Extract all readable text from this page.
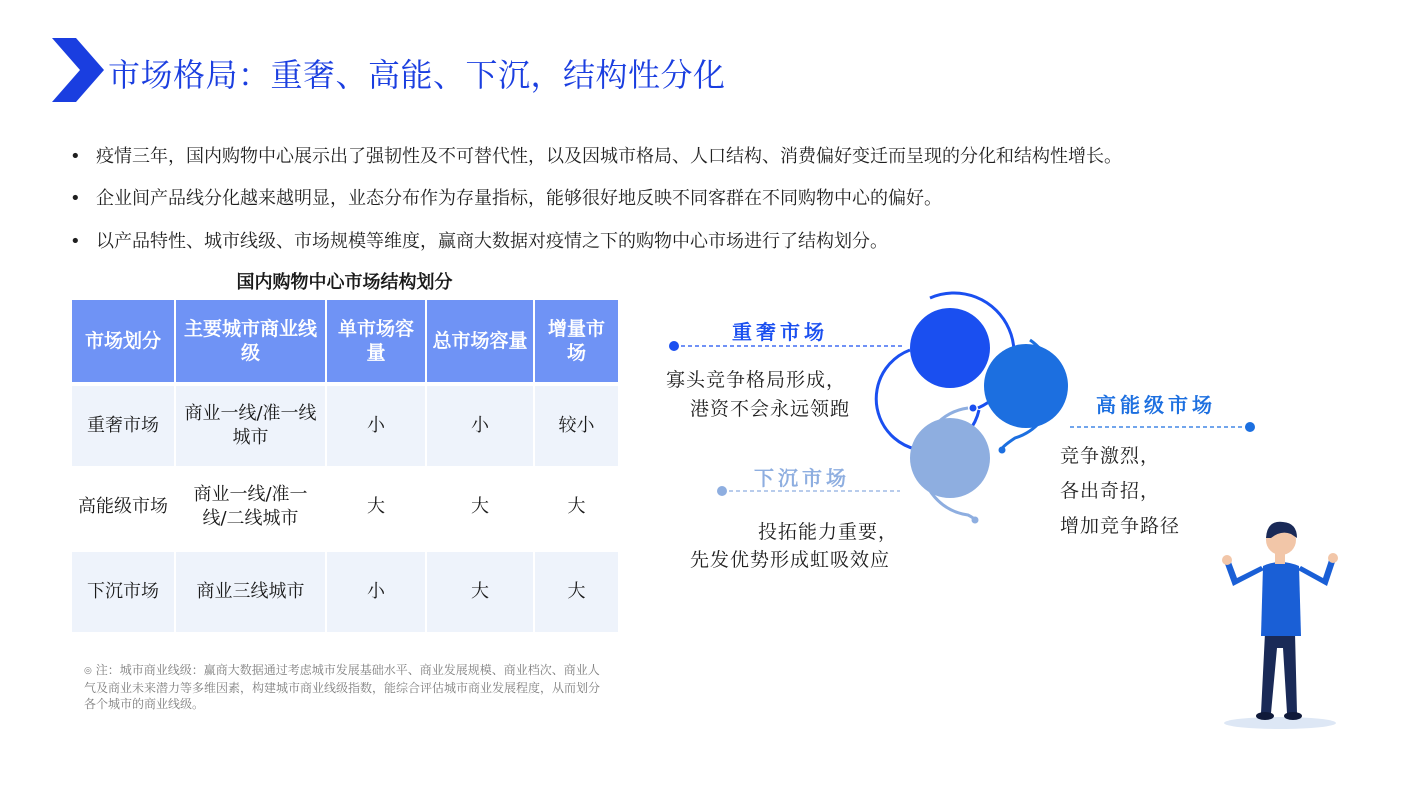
市场格局：重奢、高能、下沉，结构性分化
• 疫情三年，国内购物中心展示出了强韧性及不可替代性，以及因城市格局、人口结构、消费偏好变迁而呈现的分化和结构性增长。
• 企业间产品线分化越来越明显，业态分布作为存量指标，能够很好地反映不同客群在不同购物中心的偏好。
• 以产品特性、城市线级、市场规模等维度，赢商大数据对疫情之下的购物中心市场进行了结构划分。
国内购物中心市场结构划分
市场划分	主要城市商业线级	单市场容量	总市场容量	增量市场
重奢市场	商业一线/准一线城市	小	小	较小
高能级市场	商业一线/准一线/二线城市	大	大	大
下沉市场	商业三线城市	小	大	大
◎ 注：城市商业线级：赢商大数据通过考虑城市发展基础水平、商业发展规模、商业档次、商业人气及商业未来潜力等多维因素，构建城市商业线级指数，能综合评估城市商业发展程度，从而划分各个城市的商业线级。
重奢市场
寡头竞争格局形成，
港资不会永远领跑	高能级市场
竞争激烈，
各出奇招，
增加竞争路径
下沉市场
投拓能力重要，
先发优势形成虹吸效应
